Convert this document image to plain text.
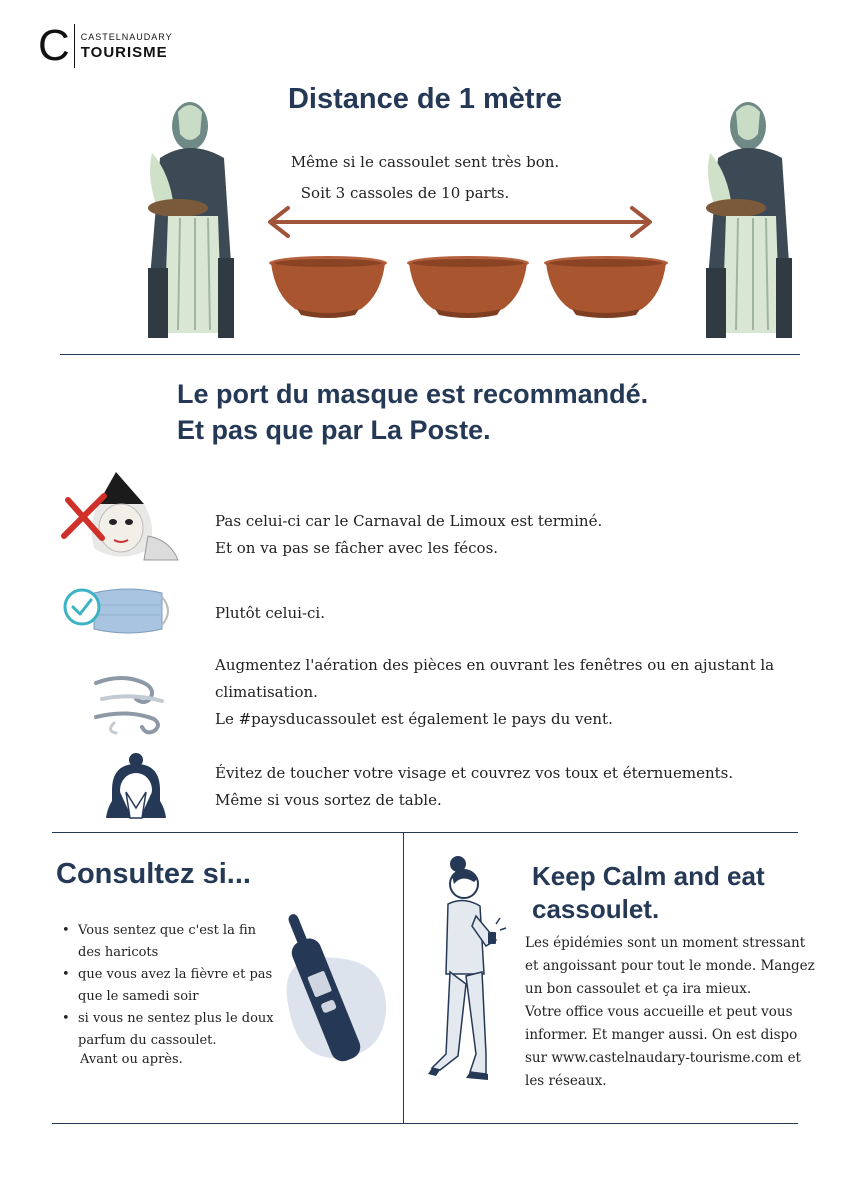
C CASTELNAUDARY
TOURISME
Distance de 1 mètre
Même si le cassoulet sent très bon.
Soit 3 cassoles de 10 parts.
Le port du masque est recommandé.
Et pas que par La Poste.
Pas celui-ci car le Carnaval de Limoux est terminé.
Et on va pas se fâcher avec les fécos.
Plutôt celui-ci.
Augmentez l'aération des pièces en ouvrant les fenêtres ou en ajustant la
climatisation.
Le #paysducassoulet est également le pays du vent.
Évitez de toucher votre visage et couvrez vos toux et éternuements.
Même si vous sortez de table.
Consultez si...
• Vous sentez que c'est la fin
des haricots
• que vous avez la fièvre et pas
que le samedi soir
• si vous ne sentez plus le doux
parfum du cassoulet.
Avant ou après.
Keep Calm and eat
cassoulet.
Les épidémies sont un moment stressant
et angoissant pour tout le monde. Mangez
un bon cassoulet et ça ira mieux.
Votre office vous accueille et peut vous
informer. Et manger aussi. On est dispo
sur www.castelnaudary-tourisme.com et
les réseaux.
